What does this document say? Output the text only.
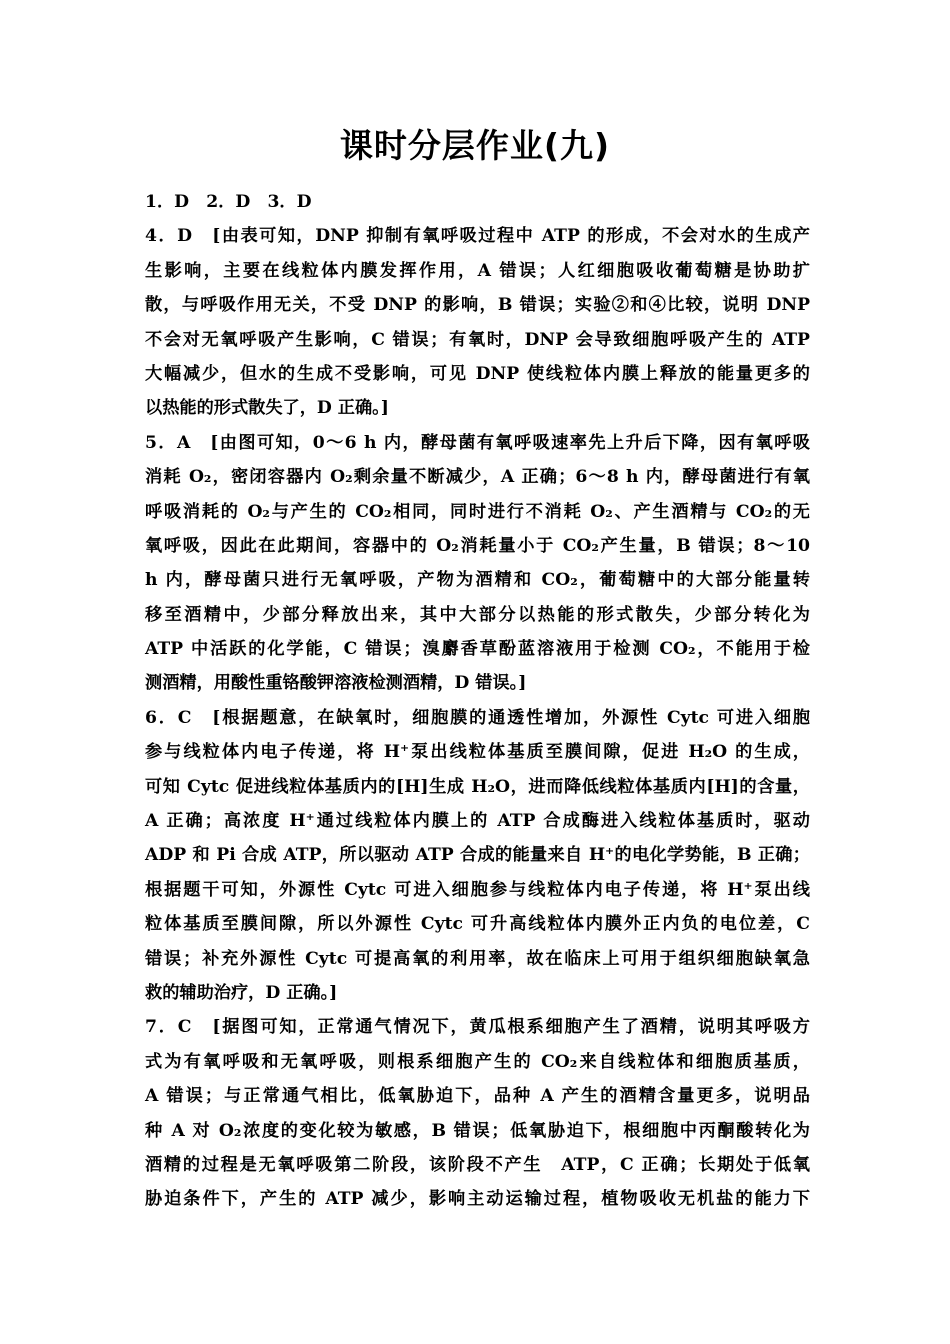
课时分层作业(九)
1．D　2．D　3．D
4．D　[由表可知，DNP 抑制有氧呼吸过程中 ATP 的形成，不会对水的生成产
生影响，主要在线粒体内膜发挥作用，A 错误；人红细胞吸收葡萄糖是协助扩
散，与呼吸作用无关，不受 DNP 的影响，B 错误；实验②和④比较，说明 DNP
不会对无氧呼吸产生影响，C 错误；有氧时，DNP 会导致细胞呼吸产生的 ATP
大幅减少，但水的生成不受影响，可见 DNP 使线粒体内膜上释放的能量更多的
以热能的形式散失了，D 正确。]
5．A　[由图可知，0～6 h 内，酵母菌有氧呼吸速率先上升后下降，因有氧呼吸
消耗 O₂，密闭容器内 O₂剩余量不断减少，A 正确；6～8 h 内，酵母菌进行有氧
呼吸消耗的 O₂与产生的 CO₂相同，同时进行不消耗 O₂、产生酒精与 CO₂的无
氧呼吸，因此在此期间，容器中的 O₂消耗量小于 CO₂产生量，B 错误；8～10
h 内，酵母菌只进行无氧呼吸，产物为酒精和 CO₂，葡萄糖中的大部分能量转
移至酒精中，少部分释放出来，其中大部分以热能的形式散失，少部分转化为
ATP 中活跃的化学能，C 错误；溴麝香草酚蓝溶液用于检测 CO₂，不能用于检
测酒精，用酸性重铬酸钾溶液检测酒精，D 错误。]
6．C　[根据题意，在缺氧时，细胞膜的通透性增加，外源性 Cytc 可进入细胞
参与线粒体内电子传递，将 H⁺泵出线粒体基质至膜间隙，促进 H₂O 的生成，
可知 Cytc 促进线粒体基质内的[H]生成 H₂O，进而降低线粒体基质内[H]的含量，
A 正确；高浓度 H⁺通过线粒体内膜上的 ATP 合成酶进入线粒体基质时，驱动
ADP 和 Pi 合成 ATP，所以驱动 ATP 合成的能量来自 H⁺的电化学势能，B 正确；
根据题干可知，外源性 Cytc 可进入细胞参与线粒体内电子传递，将 H⁺泵出线
粒体基质至膜间隙，所以外源性 Cytc 可升高线粒体内膜外正内负的电位差，C
错误；补充外源性 Cytc 可提高氧的利用率，故在临床上可用于组织细胞缺氧急
救的辅助治疗，D 正确。]
7．C　[据图可知，正常通气情况下，黄瓜根系细胞产生了酒精，说明其呼吸方
式为有氧呼吸和无氧呼吸，则根系细胞产生的 CO₂来自线粒体和细胞质基质，
A 错误；与正常通气相比，低氧胁迫下，品种 A 产生的酒精含量更多，说明品
种 A 对 O₂浓度的变化较为敏感，B 错误；低氧胁迫下，根细胞中丙酮酸转化为
酒精的过程是无氧呼吸第二阶段，该阶段不产生　ATP，C 正确；长期处于低氧
胁迫条件下，产生的 ATP 减少，影响主动运输过程，植物吸收无机盐的能力下
